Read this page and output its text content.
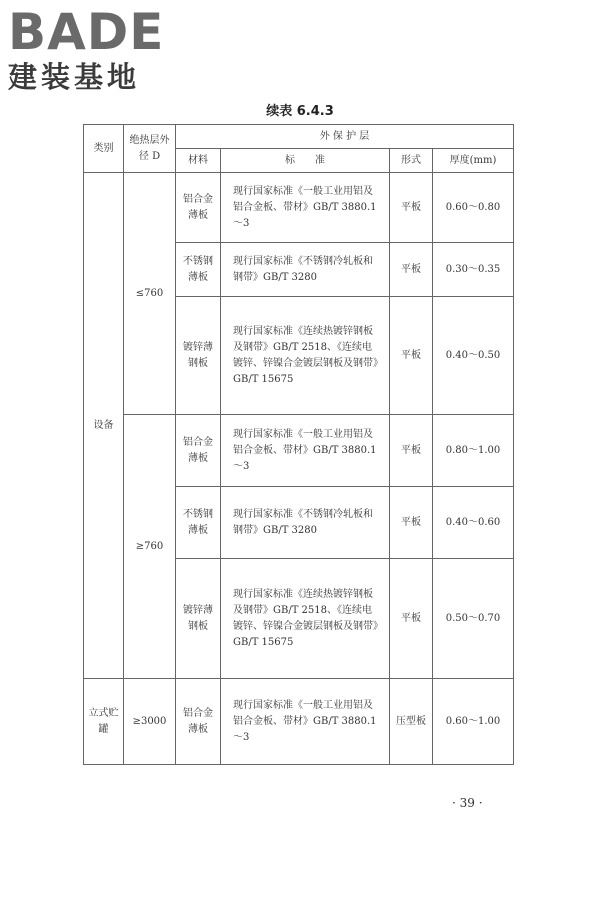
BADE
建装基地
续表 6.4.3
类别	绝热层外径 D	外 保 护 层			
		材料	标　　准	形式	厚度(mm)
设备	≤760	铝合金薄板	现行国家标准《一般工业用铝及铝合金板、带材》GB/T 3880.1～3	平板	0.60～0.80
		不锈钢薄板	现行国家标准《不锈钢冷轧板和钢带》GB/T 3280	平板	0.30～0.35
		镀锌薄钢板	现行国家标准《连续热镀锌钢板及钢带》GB/T 2518、《连续电镀锌、锌镍合金镀层钢板及钢带》GB/T 15675	平板	0.40～0.50
	≥760	铝合金薄板	现行国家标准《一般工业用铝及铝合金板、带材》GB/T 3880.1～3	平板	0.80～1.00
		不锈钢薄板	现行国家标准《不锈钢冷轧板和钢带》GB/T 3280	平板	0.40～0.60
		镀锌薄钢板	现行国家标准《连续热镀锌钢板及钢带》GB/T 2518、《连续电镀锌、锌镍合金镀层钢板及钢带》GB/T 15675	平板	0.50～0.70
立式贮罐	≥3000	铝合金薄板	现行国家标准《一般工业用铝及铝合金板、带材》GB/T 3880.1～3	压型板	0.60～1.00
· 39 ·
